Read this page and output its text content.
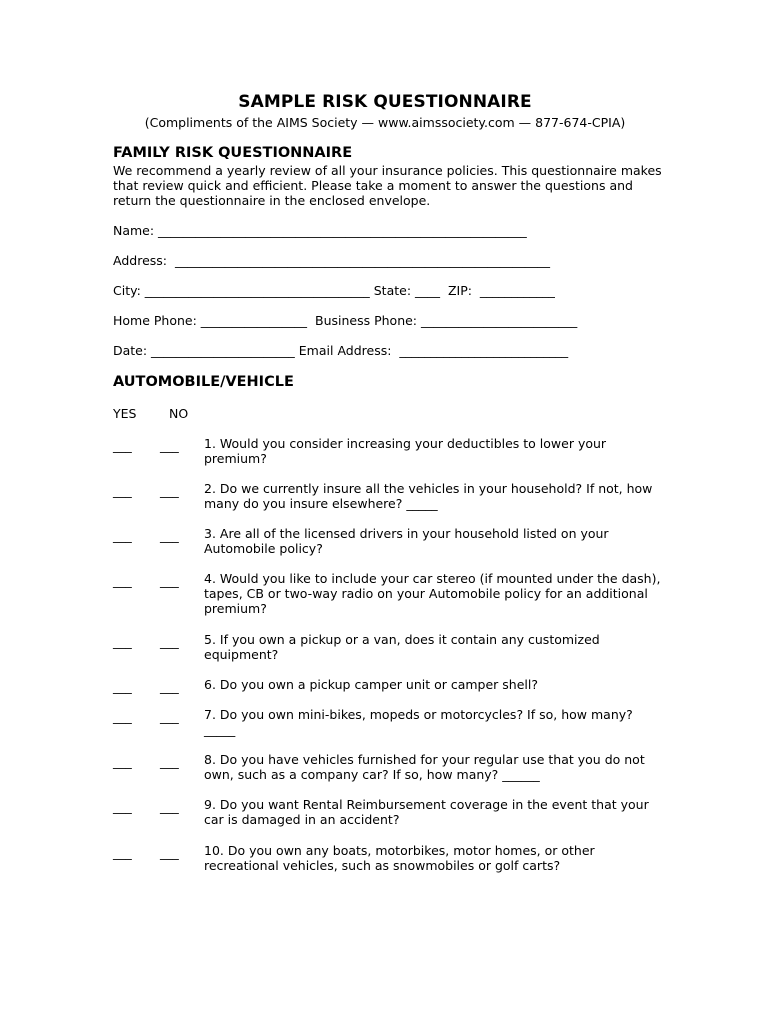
SAMPLE RISK QUESTIONNAIRE
(Compliments of the AIMS Society — www.aimssociety.com — 877-674-CPIA)
FAMILY RISK QUESTIONNAIRE
We recommend a yearly review of all your insurance policies. This questionnaire makes that review quick and efficient. Please take a moment to answer the questions and return the questionnaire in the enclosed envelope.
Name: ___________________________________________________________
Address:  ____________________________________________________________
City: ____________________________________ State: ____  ZIP:  ____________
Home Phone: _________________  Business Phone: _________________________
Date: _______________________ Email Address:  ___________________________
AUTOMOBILE/VEHICLE
YES	NO
___ ___ 1. Would you consider increasing your deductibles to lower your premium?
___ ___ 2. Do we currently insure all the vehicles in your household? If not, how many do you insure elsewhere? _____
___ ___ 3. Are all of the licensed drivers in your household listed on your Automobile policy?
___ ___ 4. Would you like to include your car stereo (if mounted under the dash), tapes, CB or two-way radio on your Automobile policy for an additional premium?
___ ___ 5. If you own a pickup or a van, does it contain any customized equipment?
___ ___ 6. Do you own a pickup camper unit or camper shell?
___ ___ 7. Do you own mini-bikes, mopeds or motorcycles? If so, how many? _____
___ ___ 8. Do you have vehicles furnished for your regular use that you do not own, such as a company car? If so, how many? ______
___ ___ 9. Do you want Rental Reimbursement coverage in the event that your car is damaged in an accident?
___ ___ 10. Do you own any boats, motorbikes, motor homes, or other recreational vehicles, such as snowmobiles or golf carts?
